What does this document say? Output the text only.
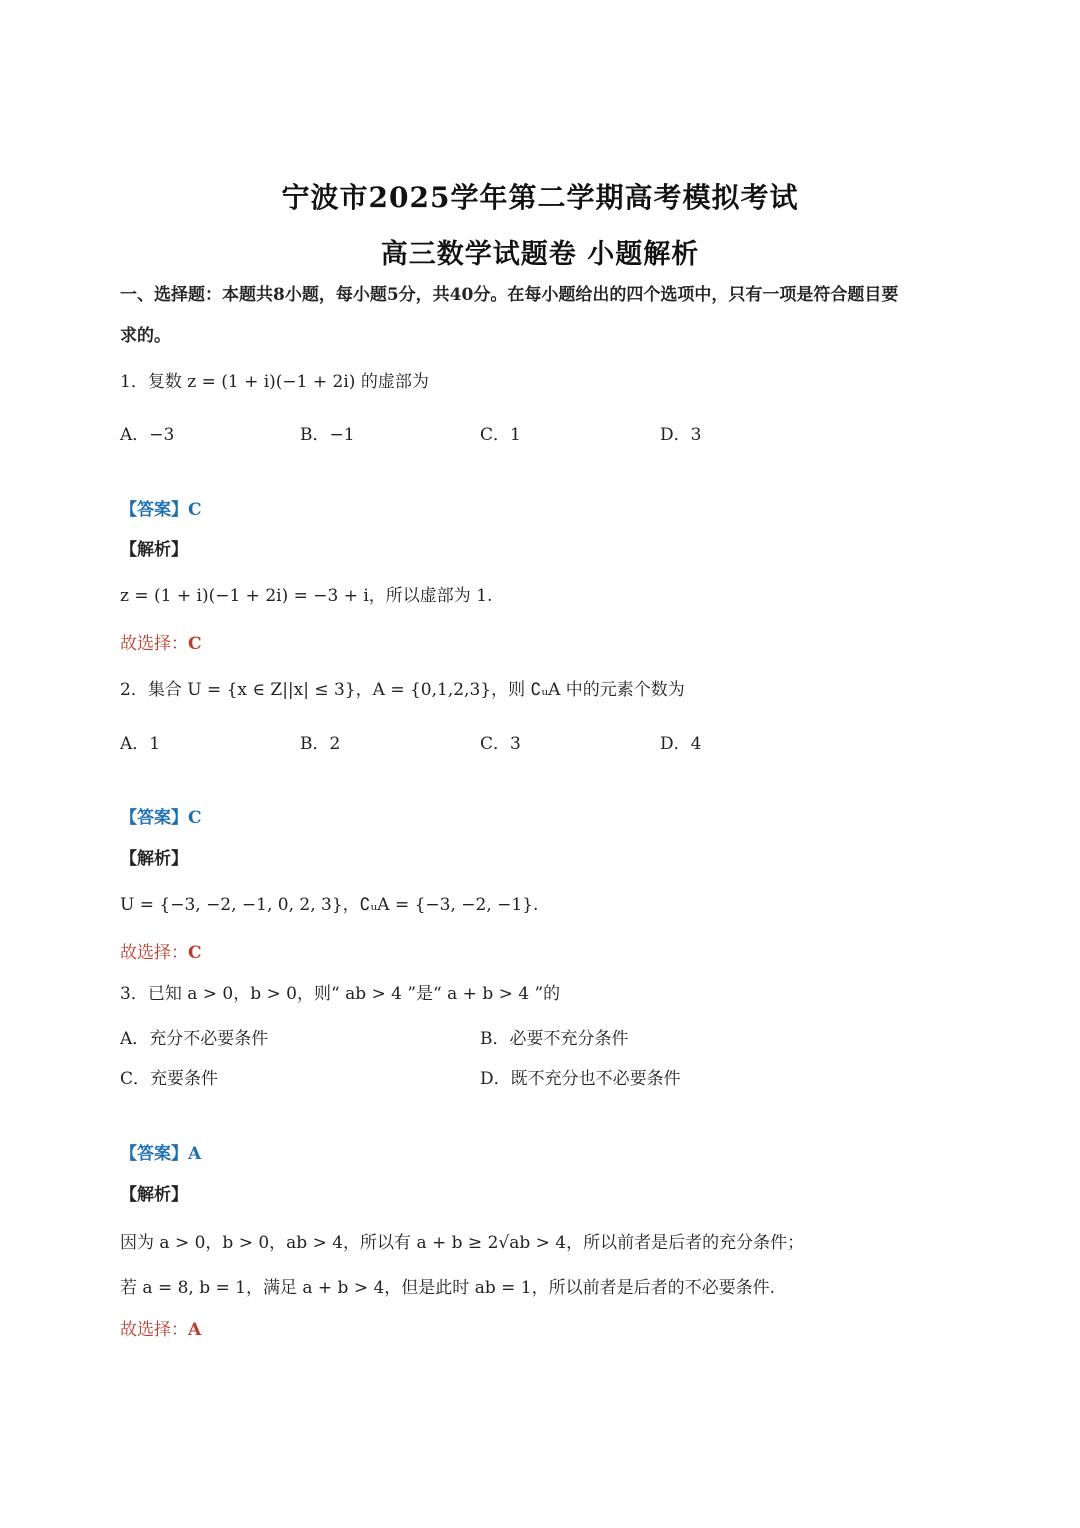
宁波市2025学年第二学期高考模拟考试
高三数学试题卷 小题解析
一、选择题：本题共8小题，每小题5分，共40分。在每小题给出的四个选项中，只有一项是符合题目要
求的。
1．复数 z = (1 + i)(−1 + 2i) 的虚部为
A．−3	B．−1	C．1	D．3
【答案】C
【解析】
z = (1 + i)(−1 + 2i) = −3 + i，所以虚部为 1.
故选择：C
2．集合 U = {x ∈ Z||x| ≤ 3}，A = {0,1,2,3}，则 ∁ᵤA 中的元素个数为
A．1	B．2	C．3	D．4
【答案】C
【解析】
U = {−3, −2, −1, 0, 2, 3}，∁ᵤA = {−3, −2, −1}.
故选择：C
3．已知 a > 0，b > 0，则“ ab > 4 ”是“ a + b > 4 ”的
A．充分不必要条件	B．必要不充分条件
C．充要条件	D．既不充分也不必要条件
【答案】A
【解析】
因为 a > 0，b > 0，ab > 4，所以有 a + b ≥ 2√ab > 4，所以前者是后者的充分条件；
若 a = 8, b = 1，满足 a + b > 4，但是此时 ab = 1，所以前者是后者的不必要条件.
故选择：A
